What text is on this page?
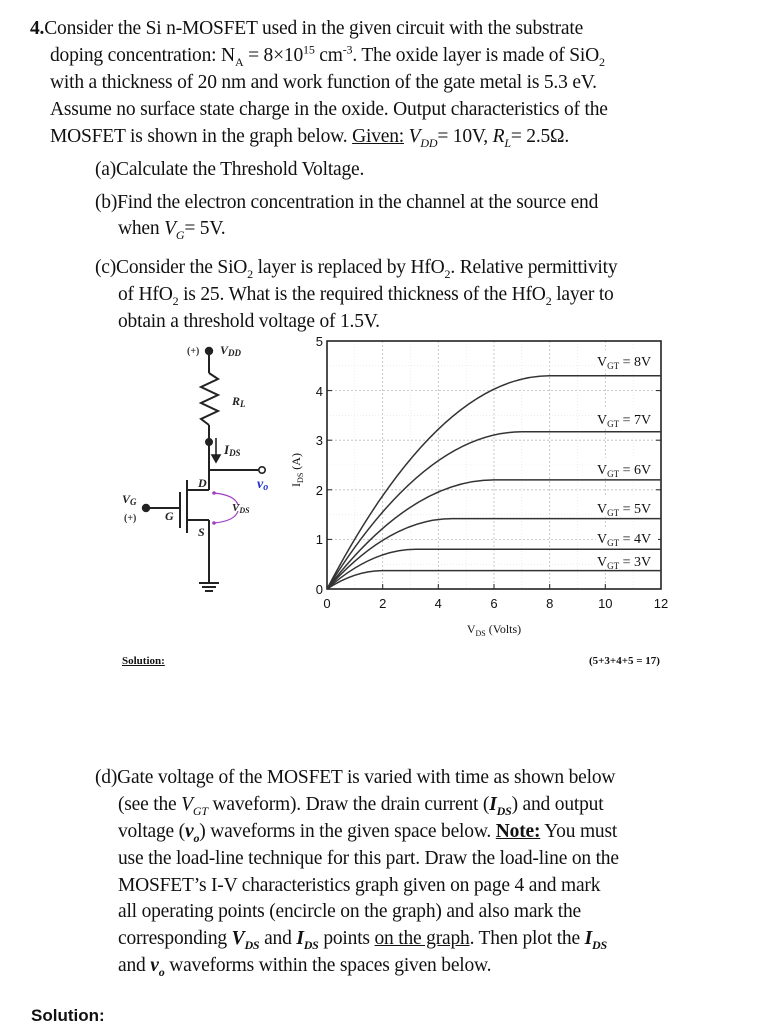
4.Consider the Si n-MOSFET used in the given circuit with the substrate
doping concentration: $N_A = 8\times 10^{15}$ $cm^{-3}$. The oxide layer is made of SiO$_2$
with a thickness of 20 nm and work function of the gate metal is 5.3 eV.
Assume no surface state charge in the oxide. Output characteristics of the
MOSFET is shown in the graph below. Given: $V_{DD}= 10V$, $R_L= 2.5\Omega$.
(a)Calculate the Threshold Voltage.
(b)Find the electron concentration in the channel at the source end
when $V_G= 5V$.
(c)Consider the SiO$_2$ layer is replaced by HfO$_2$. Relative permittivity
of HfO$_2$ is 25. What is the required thickness of the HfO$_2$ layer to
obtain a threshold voltage of 1.5V.
(+) VDD
RL
IDS
vo
D
G
S
VDS
VG
(+)
$V_{GT} = 8V$
$V_{GT} = 7V$
$V_{GT} = 6V$
$V_{GT} = 5V$
$V_{GT} = 4V$
$V_{GT} = 3V$
0
1
2
3
4
5
0	2	4	6	8	10	12
$V_{DS}$ (Volts)
$I_{DS}$ (A)
Solution:	(5+3+4+5 = 17)
(d)Gate voltage of the MOSFET is varied with time as shown below
(see the $V_{GT}$ waveform). Draw the drain current $(I_{DS})$ and output
voltage $(v_o)$ waveforms in the given space below. Note: You must
use the load-line technique for this part. Draw the load-line on the
MOSFET’s I-V characteristics graph given on page 4 and mark
all operating points (encircle on the graph) and also mark the
corresponding $V_{DS}$ and $I_{DS}$ points on the graph. Then plot the $I_{DS}$
and $v_o$ waveforms within the spaces given below.
Solution:
